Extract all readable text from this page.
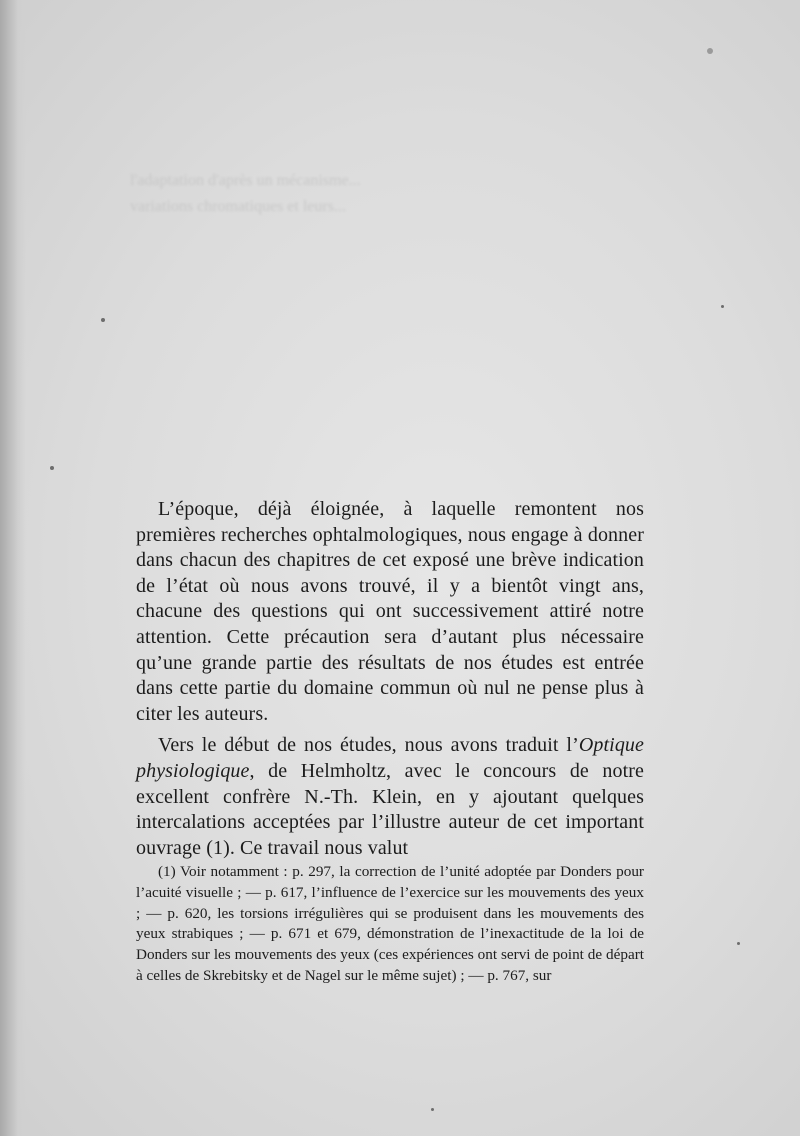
l'adaptation d'après un mécanisme...
variations chromatiques et leurs...

L’époque, déjà éloignée, à laquelle remontent nos premières recherches ophtalmologiques, nous engage à donner dans chacun des chapitres de cet exposé une brève indication de l’état où nous avons trouvé, il y a bientôt vingt ans, chacune des questions qui ont successivement attiré notre attention. Cette précaution sera d’autant plus nécessaire qu’une grande partie des résultats de nos études est entrée dans cette partie du domaine commun où nul ne pense plus à citer les auteurs.

Vers le début de nos études, nous avons traduit l’Optique physiologique, de Helmholtz, avec le concours de notre excellent confrère N.-Th. Klein, en y ajoutant quelques intercalations acceptées par l’illustre auteur de cet important ouvrage (1). Ce travail nous valut

(1) Voir notamment : p. 297, la correction de l’unité adoptée par Donders pour l’acuité visuelle ; — p. 617, l’influence de l’exercice sur les mouvements des yeux ; — p. 620, les torsions irrégulières qui se produisent dans les mouvements des yeux strabiques ; — p. 671 et 679, démonstration de l’inexactitude de la loi de Donders sur les mouvements des yeux (ces expériences ont servi de point de départ à celles de Skrebitsky et de Nagel sur le même sujet) ; — p. 767, sur
